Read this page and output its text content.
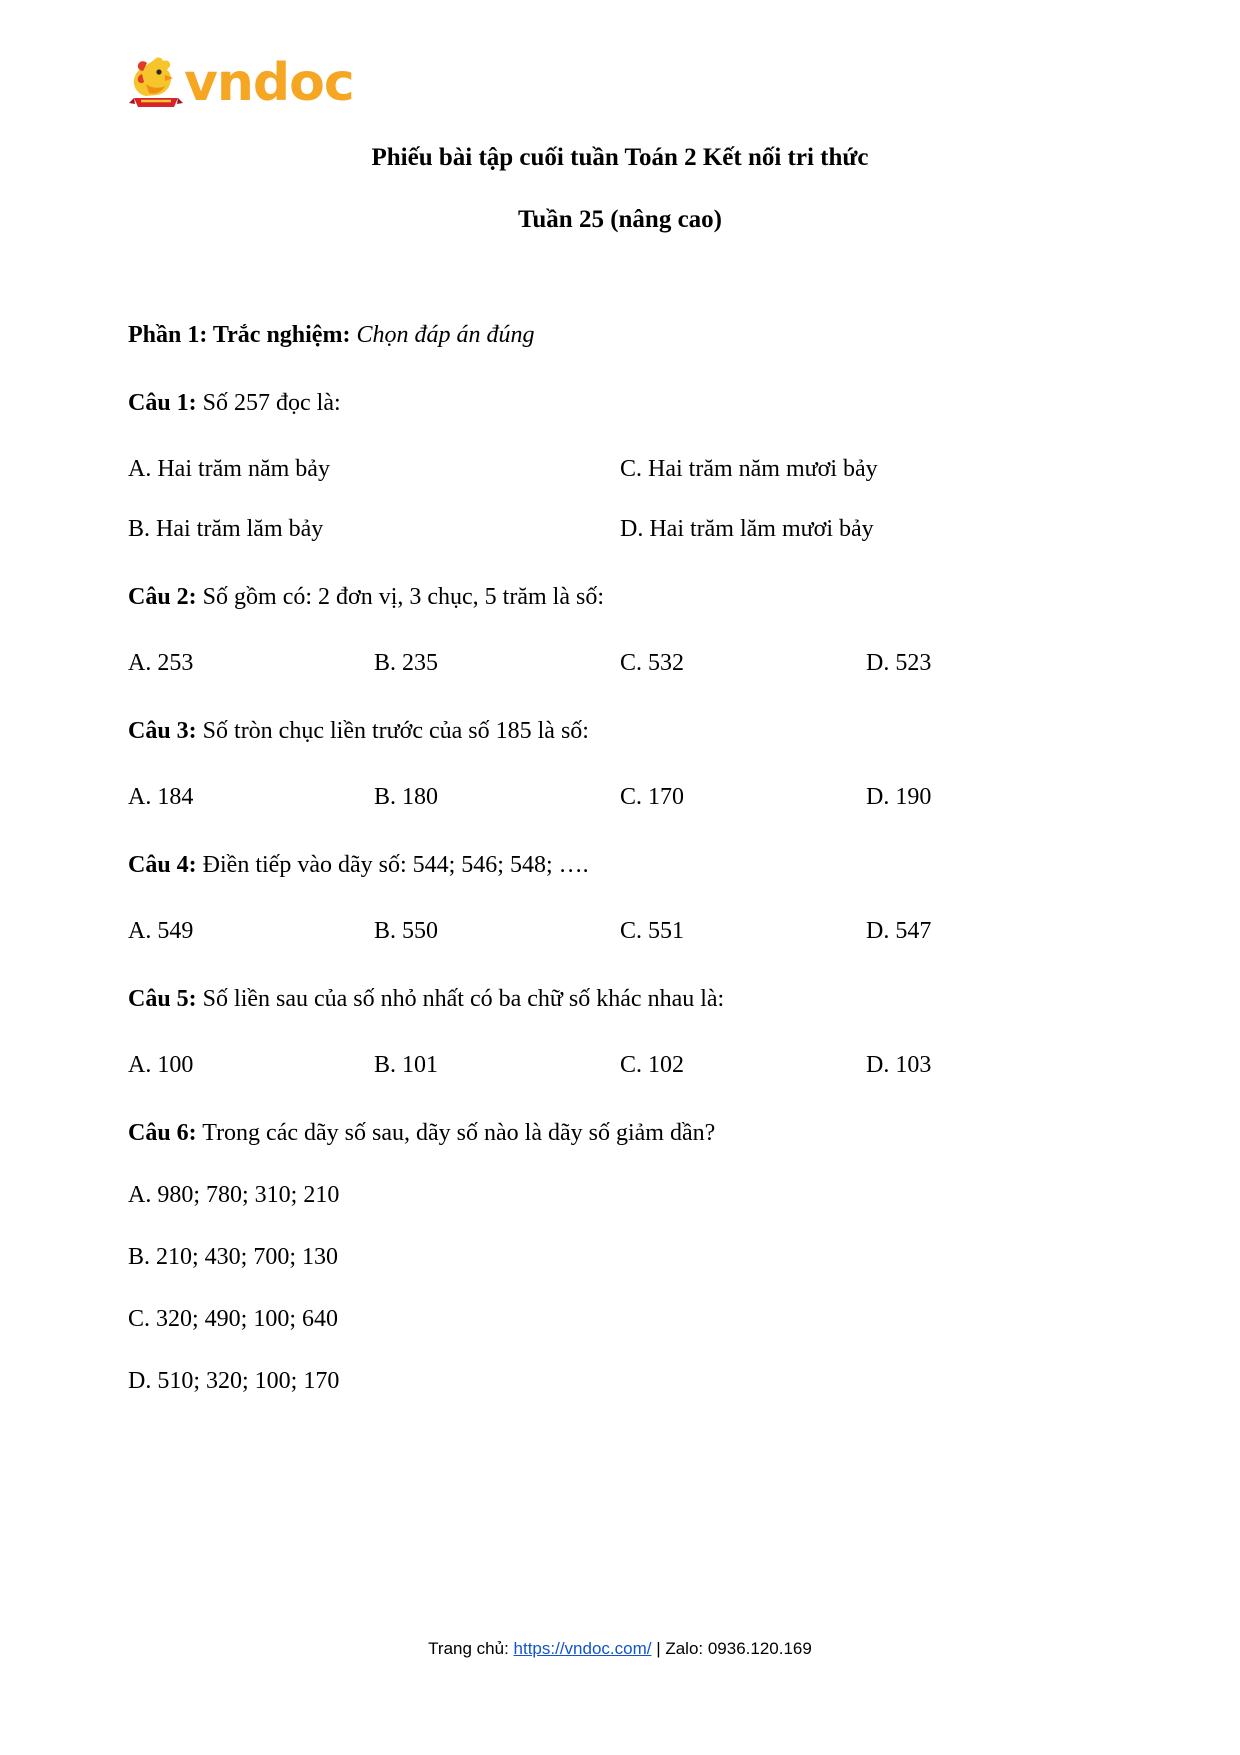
vndoc
Phiếu bài tập cuối tuần Toán 2 Kết nối tri thức
Tuần 25 (nâng cao)

Phần 1: Trắc nghiệm: Chọn đáp án đúng

Câu 1: Số 257 đọc là:

A. Hai trăm năm bảy	C. Hai trăm năm mươi bảy
B. Hai trăm lăm bảy	D. Hai trăm lăm mươi bảy

Câu 2: Số gồm có: 2 đơn vị, 3 chục, 5 trăm là số:

A. 253	B. 235	C. 532	D. 523

Câu 3: Số tròn chục liền trước của số 185 là số:

A. 184	B. 180	C. 170	D. 190

Câu 4: Điền tiếp vào dãy số: 544; 546; 548; ….

A. 549	B. 550	C. 551	D. 547

Câu 5: Số liền sau của số nhỏ nhất có ba chữ số khác nhau là:

A. 100	B. 101	C. 102	D. 103

Câu 6: Trong các dãy số sau, dãy số nào là dãy số giảm dần?

A. 980; 780; 310; 210
B. 210; 430; 700; 130
C. 320; 490; 100; 640
D. 510; 320; 100; 170
Trang chủ: https://vndoc.com/ | Zalo: 0936.120.169
